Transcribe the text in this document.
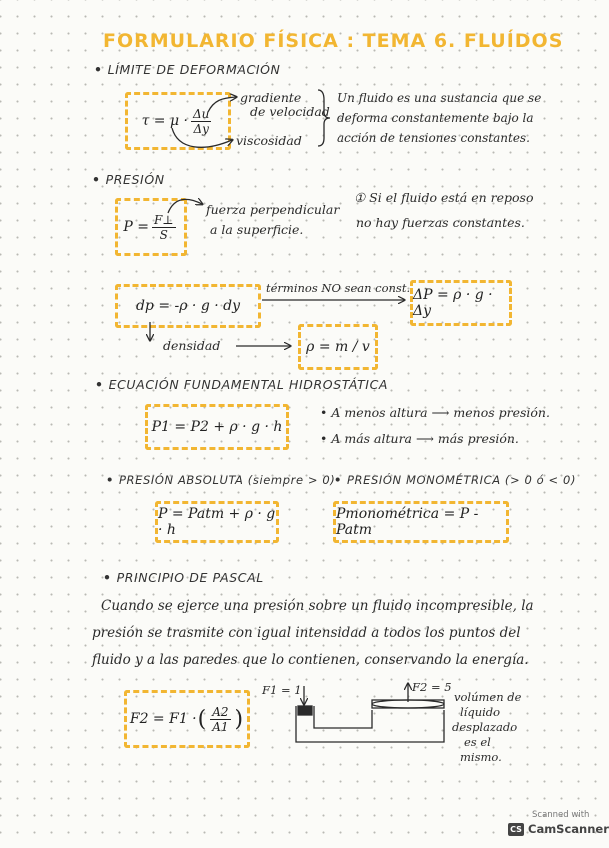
FORMULARIO FÍSICA : TEMA 6. FLUÍDOS
• LÍMITE DE DEFORMACIÓN
$\tau = \mu \cdot \frac{\Delta u}{\Delta y}$
gradiente
de velocidad
viscosidad
Un fluido es una sustancia que se
deforma constantemente bajo la
acción de tensiones constantes.
• PRESIÓN
$P = \frac{F\perp}{S}$
fuerza perpendicular
a la superficie.
① Si el fluido está en reposo
no hay fuerzas constantes.
dp = -ρ · g · dy
términos NO sean const. ΔP = ρ · g · Δy
densidad	ρ = m / v
• ECUACIÓN FUNDAMENTAL HIDROSTÁTICA
P1 = P2 + ρ · g · h
• A menos altura ⟶ menos presión.
• A más altura ⟶ más presión.
• PRESIÓN ABSOLUTA (siempre > 0)
• PRESIÓN MONOMÉTRICA (> 0 ó < 0)
P = Patm + ρ · g · h
Pmonométrica = P - Patm
• PRINCIPIO DE PASCAL
Cuando se ejerce una presión sobre un fluido incompresible, la
presión se trasmite con igual intensidad a todos los puntos del
fluido y a las paredes que lo contienen, conservando la energía.
F2 = F1 · ( $\frac{A2}{A1}$ )
F1 = 1	F2 = 5
volúmen de
líquido
desplazado
es el
mismo.
Scanned with
CS CamScanner
